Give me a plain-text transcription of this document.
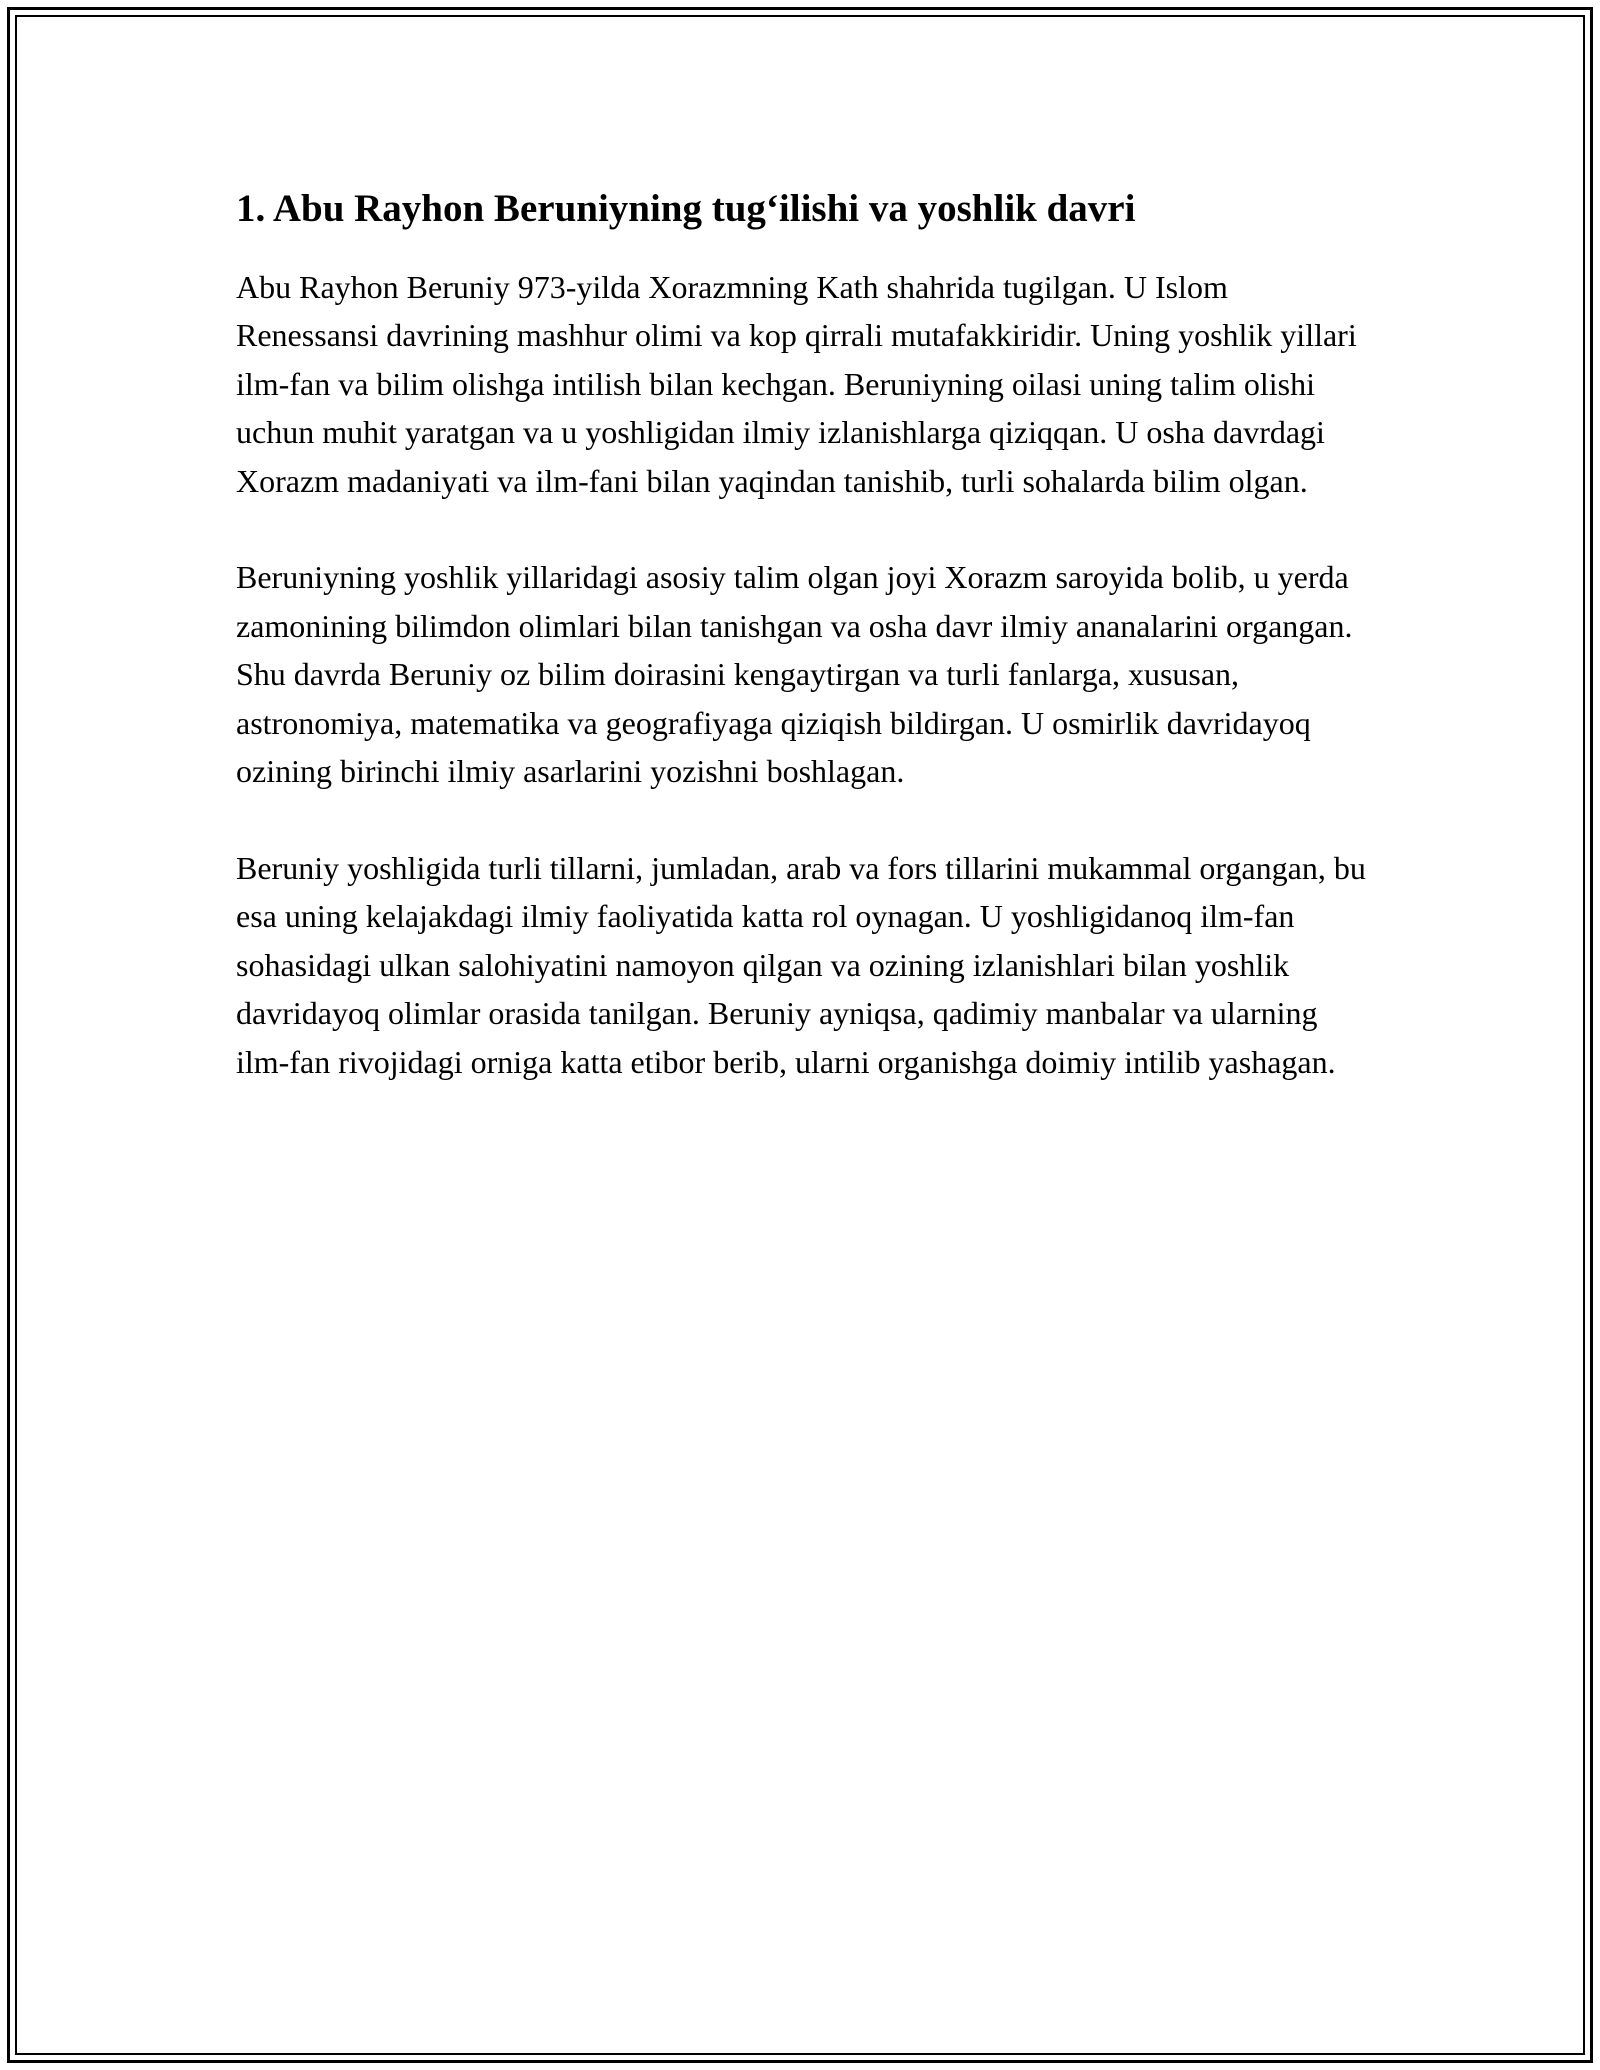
1. Abu Rayhon Beruniyning tug‘ilishi va yoshlik davri

Abu Rayhon Beruniy 973-yilda Xorazmning Kath shahrida tugilgan. U Islom Renessansi davrining mashhur olimi va kop qirrali mutafakkiridir. Uning yoshlik yillari ilm-fan va bilim olishga intilish bilan kechgan. Beruniyning oilasi uning talim olishi uchun muhit yaratgan va u yoshligidan ilmiy izlanishlarga qiziqqan. U osha davrdagi Xorazm madaniyati va ilm-fani bilan yaqindan tanishib, turli sohalarda bilim olgan.

Beruniyning yoshlik yillaridagi asosiy talim olgan joyi Xorazm saroyida bolib, u yerda zamonining bilimdon olimlari bilan tanishgan va osha davr ilmiy ananalarini organgan. Shu davrda Beruniy oz bilim doirasini kengaytirgan va turli fanlarga, xususan, astronomiya, matematika va geografiyaga qiziqish bildirgan. U osmirlik davridayoq ozining birinchi ilmiy asarlarini yozishni boshlagan.

Beruniy yoshligida turli tillarni, jumladan, arab va fors tillarini mukammal organgan, bu esa uning kelajakdagi ilmiy faoliyatida katta rol oynagan. U yoshligidanoq ilm-fan sohasidagi ulkan salohiyatini namoyon qilgan va ozining izlanishlari bilan yoshlik davridayoq olimlar orasida tanilgan. Beruniy ayniqsa, qadimiy manbalar va ularning ilm-fan rivojidagi orniga katta etibor berib, ularni organishga doimiy intilib yashagan.
